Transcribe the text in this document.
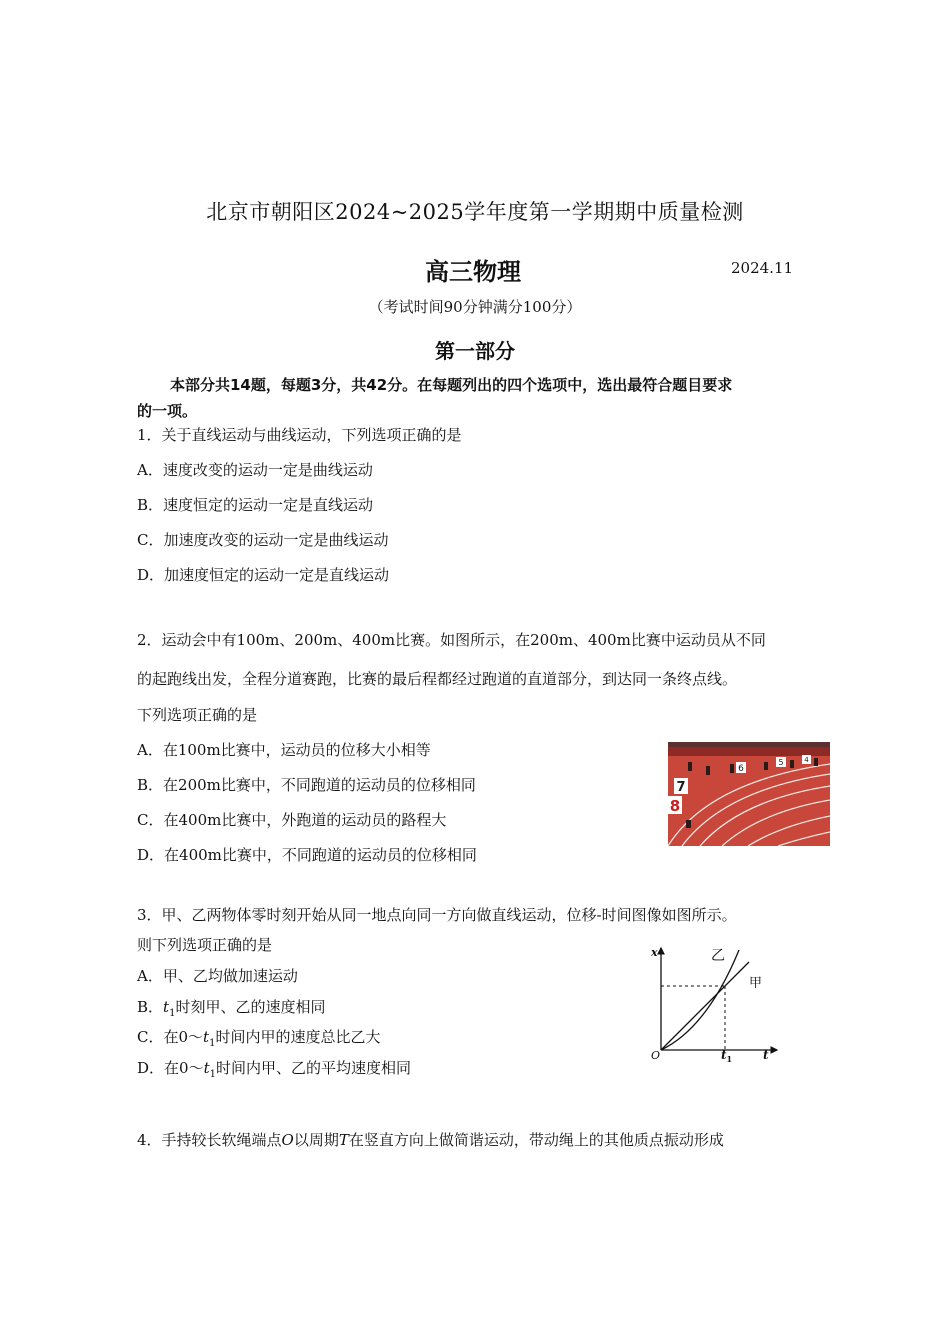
北京市朝阳区2024~2025学年度第一学期期中质量检测
高三物理	2024.11
（考试时间90分钟满分100分）
第一部分
本部分共14题，每题3分，共42分。在每题列出的四个选项中，选出最符合题目要求
的一项。
1．关于直线运动与曲线运动，下列选项正确的是
A．速度改变的运动一定是曲线运动
B．速度恒定的运动一定是直线运动
C．加速度改变的运动一定是曲线运动
D．加速度恒定的运动一定是直线运动
2．运动会中有100m、200m、400m比赛。如图所示，在200m、400m比赛中运动员从不同
的起跑线出发，全程分道赛跑，比赛的最后程都经过跑道的直道部分，到达同一条终点线。
下列选项正确的是
A．在100m比赛中，运动员的位移大小相等
B．在200m比赛中，不同跑道的运动员的位移相同
C．在400m比赛中，外跑道的运动员的路程大
D．在400m比赛中，不同跑道的运动员的位移相同
7
8
6
5	4
3．甲、乙两物体零时刻开始从同一地点向同一方向做直线运动，位移-时间图像如图所示。
则下列选项正确的是
A．甲、乙均做加速运动
B．$t_1$时刻甲、乙的速度相同
C．在$0\sim t_1$时间内甲的速度总比乙大
D．在$0\sim t_1$时间内甲、乙的平均速度相同
x
t
O	$t_1$
乙
甲
4．手持较长软绳端点O以周期T在竖直方向上做简谐运动，带动绳上的其他质点振动形成
